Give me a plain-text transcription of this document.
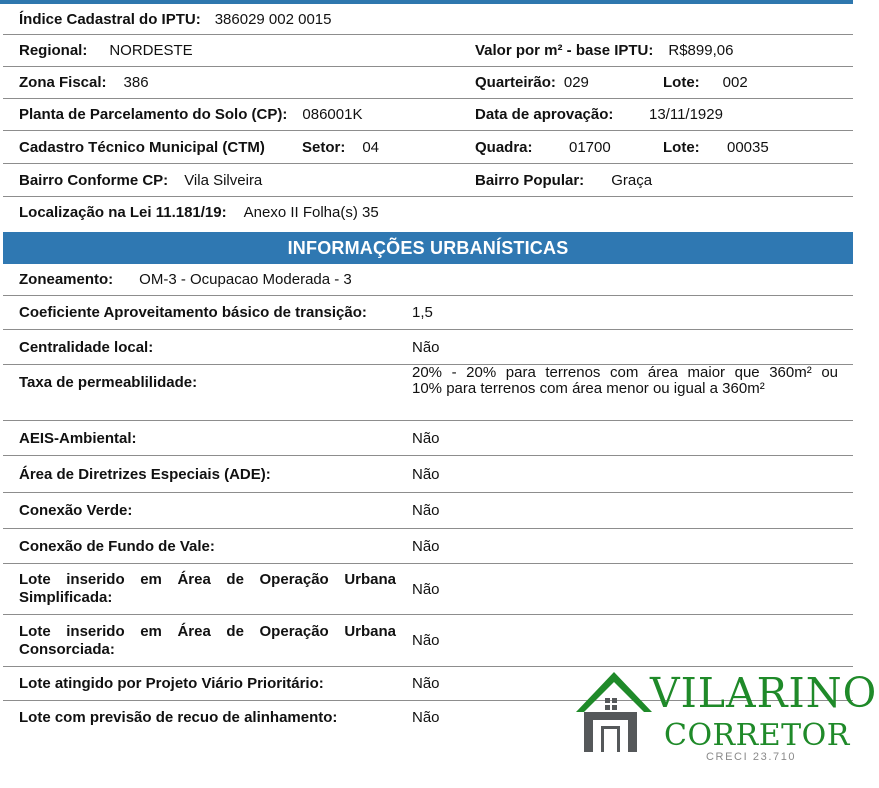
Índice Cadastral do IPTU: 386029 002 0015
Regional: NORDESTE	Valor por m² - base IPTU: R$899,06
Zona Fiscal: 386	Quarteirão: 029	Lote: 002
Planta de Parcelamento do Solo (CP): 086001K	Data de aprovação: 13/11/1929
Cadastro Técnico Municipal (CTM) Setor: 04	Quadra: 01700	Lote: 00035
Bairro Conforme CP: Vila Silveira	Bairro Popular: Graça
Localização na Lei 11.181/19: Anexo II Folha(s) 35
INFORMAÇÕES URBANÍSTICAS
Zoneamento: OM-3 - Ocupacao Moderada - 3
Coeficiente Aproveitamento básico de transição:	1,5
Centralidade local:	Não
Taxa de permeablilidade:
20% - 20% para terrenos com área maior que 360m² ou
10% para terrenos com área menor ou igual a 360m²
AEIS-Ambiental:	Não
Área de Diretrizes Especiais (ADE):	Não
Conexão Verde:	Não
Conexão de Fundo de Vale:	Não
Lote inserido em Área de Operação Urbana
Simplificada:	Não
Lote inserido em Área de Operação Urbana
Consorciada:	Não
Lote atingido por Projeto Viário Prioritário:	Não
Lote com previsão de recuo de alinhamento:	Não	VILARINO
CORRETOR
CRECI 23.710
